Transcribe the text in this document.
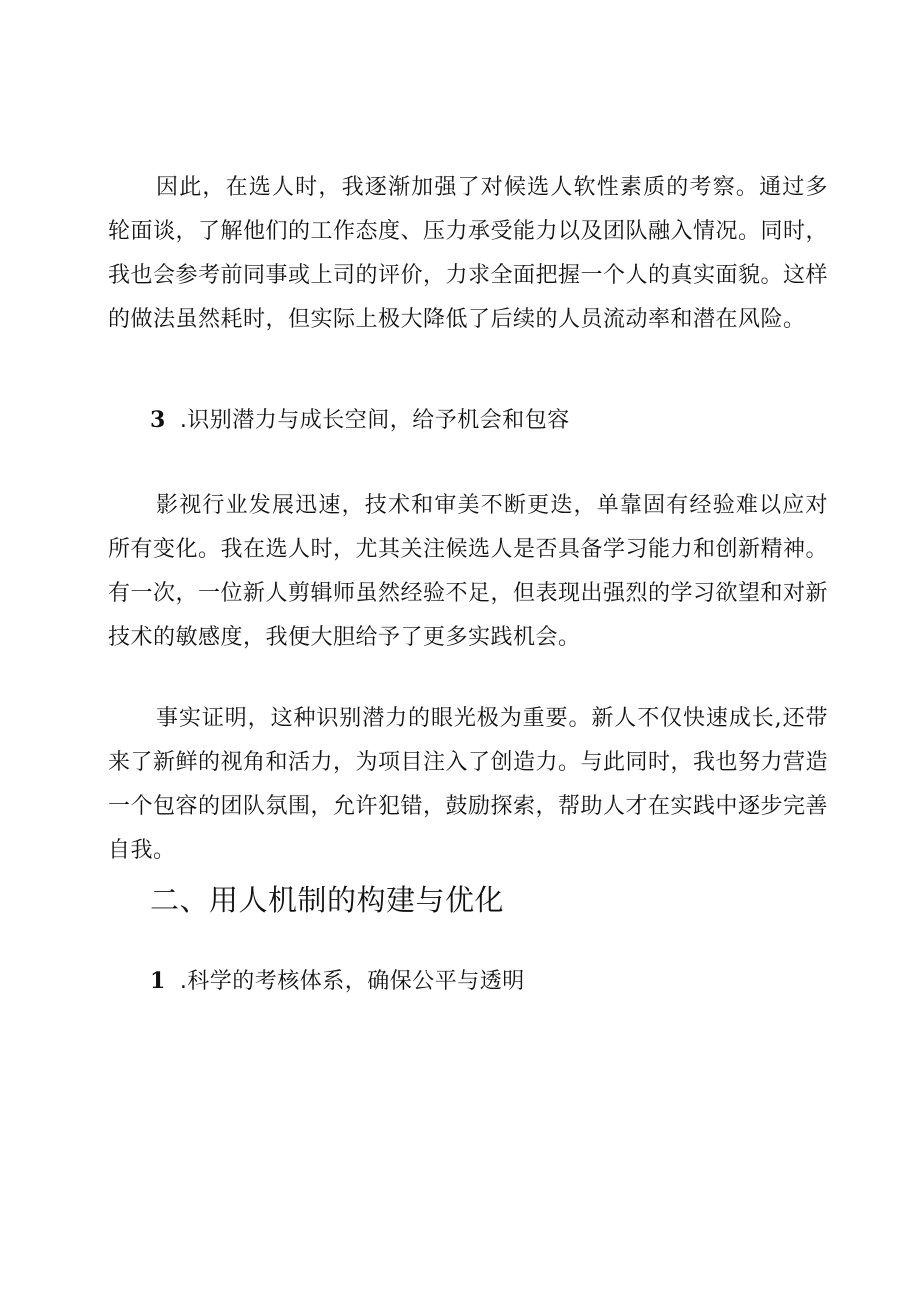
因此，在选人时，我逐渐加强了对候选人软性素质的考察。通过多轮面谈，了解他们的工作态度、压力承受能力以及团队融入情况。同时，我也会参考前同事或上司的评价，力求全面把握一个人的真实面貌。这样的做法虽然耗时，但实际上极大降低了后续的人员流动率和潜在风险。

3 .识别潜力与成长空间，给予机会和包容

影视行业发展迅速，技术和审美不断更迭，单靠固有经验难以应对所有变化。我在选人时，尤其关注候选人是否具备学习能力和创新精神。有一次，一位新人剪辑师虽然经验不足，但表现出强烈的学习欲望和对新技术的敏感度，我便大胆给予了更多实践机会。

事实证明，这种识别潜力的眼光极为重要。新人不仅快速成长,还带来了新鲜的视角和活力，为项目注入了创造力。与此同时，我也努力营造一个包容的团队氛围，允许犯错，鼓励探索，帮助人才在实践中逐步完善自我。

二、用人机制的构建与优化
1 .科学的考核体系，确保公平与透明
